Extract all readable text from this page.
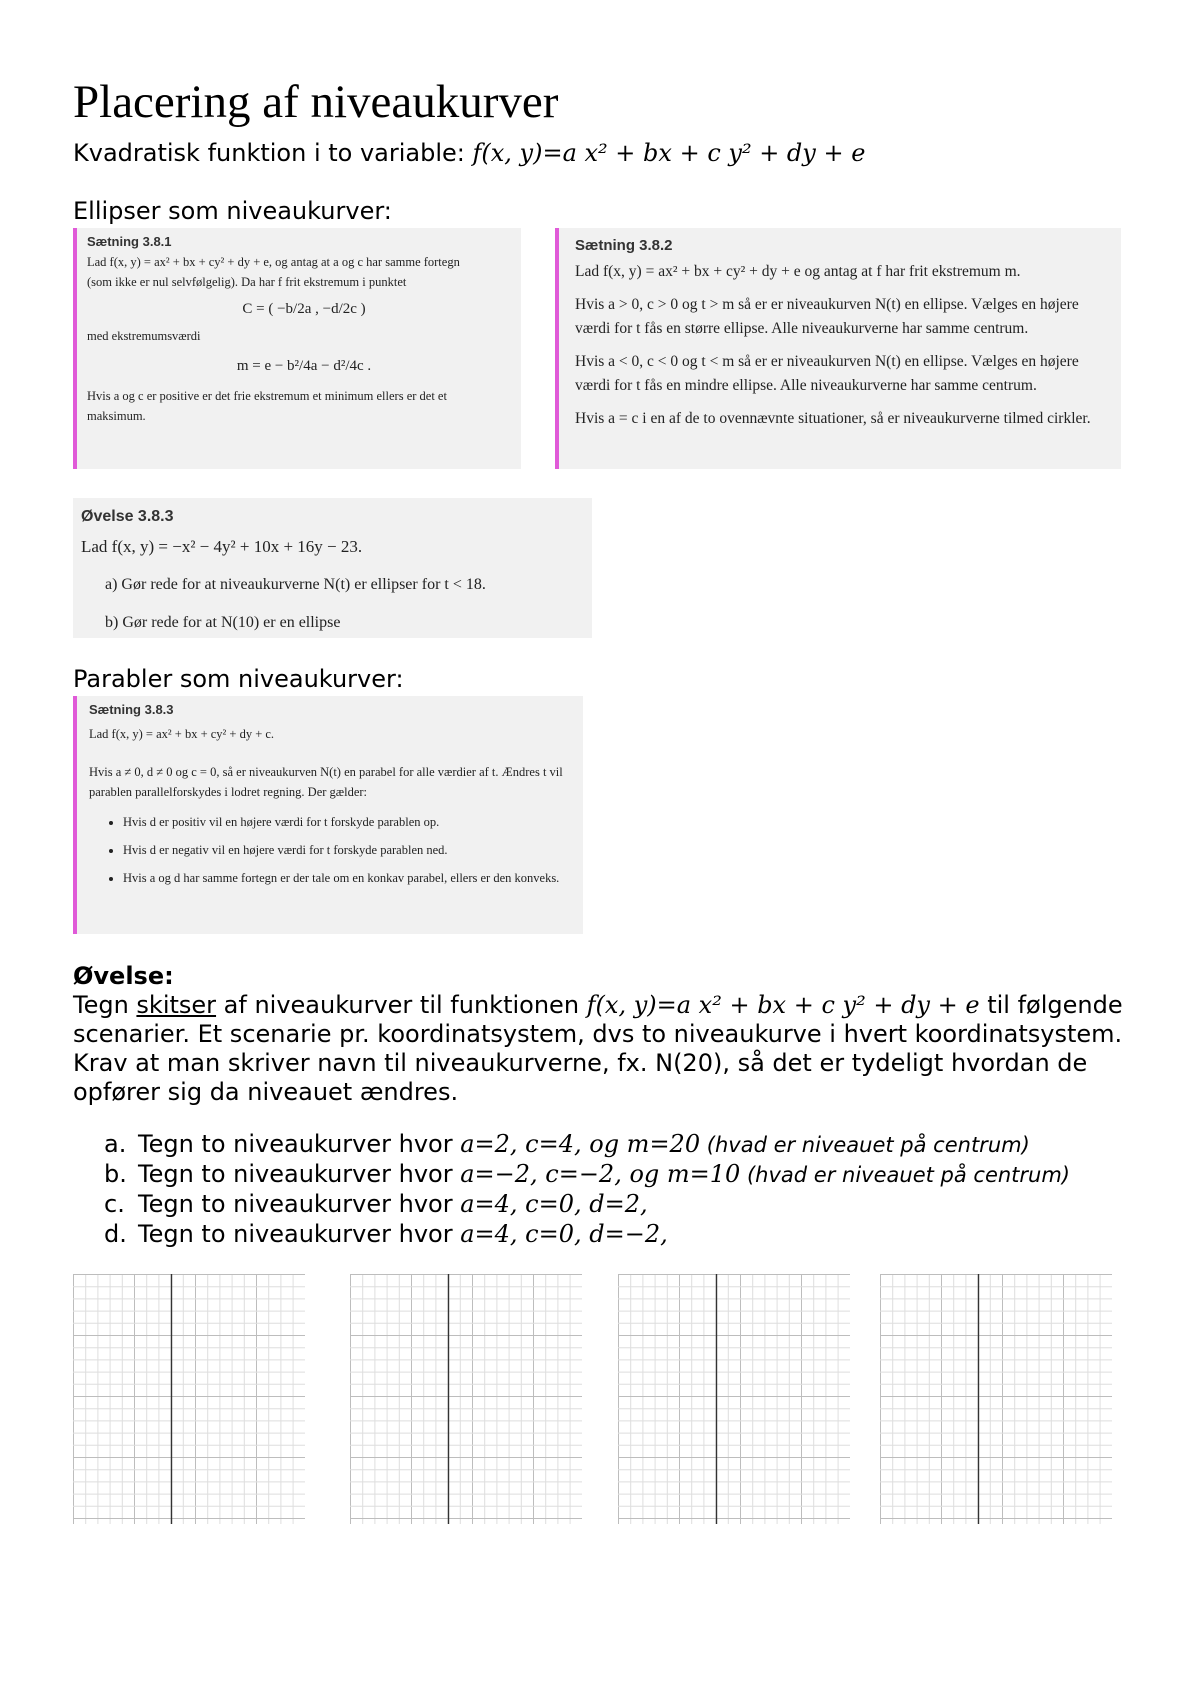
Placering af niveaukurver
Kvadratisk funktion i to variable: f(x, y)=a x² + bx + c y² + dy + e
Ellipser som niveaukurver:
Sætning 3.8.1

Lad f(x, y) = ax² + bx + cy² + dy + e, og antag at a og c har samme fortegn

(som ikke er nul selvfølgelig). Da har f frit ekstremum i punktet

C = ( −b/2a , −d/2c )

med ekstremumsværdi

m = e − b²/4a − d²/4c .

Hvis a og c er positive er det frie ekstremum et minimum ellers er det et maksimum.

Sætning 3.8.2

Lad f(x, y) = ax² + bx + cy² + dy + e og antag at f har frit ekstremum m.

Hvis a > 0, c > 0 og t > m så er er niveaukurven N(t) en ellipse. Vælges en højere værdi for t fås en større ellipse. Alle niveaukurverne har samme centrum.

Hvis a < 0, c < 0 og t < m så er er niveaukurven N(t) en ellipse. Vælges en højere værdi for t fås en mindre ellipse. Alle niveaukurverne har samme centrum.

Hvis a = c i en af de to ovennævnte situationer, så er niveaukurverne tilmed cirkler.

Øvelse 3.8.3

Lad f(x, y) = −x² − 4y² + 10x + 16y − 23.

a) Gør rede for at niveaukurverne N(t) er ellipser for t < 18.

b) Gør rede for at N(10) er en ellipse

Parabler som niveaukurver:
Sætning 3.8.3

Lad f(x, y) = ax² + bx + cy² + dy + c.

Hvis a ≠ 0, d ≠ 0 og c = 0, så er niveaukurven N(t) en parabel for alle værdier af t. Ændres t vil parablen parallelforskydes i lodret regning. Der gælder:

• Hvis d er positiv vil en højere værdi for t forskyde parablen op.
• Hvis d er negativ vil en højere værdi for t forskyde parablen ned.
• Hvis a og d har samme fortegn er der tale om en konkav parabel, ellers er den konveks.
Øvelse:
Tegn skitser af niveaukurver til funktionen f(x, y)=a x² + bx + c y² + dy + e til følgende scenarier. Et scenarie pr. koordinatsystem, dvs to niveaukurve i hvert koordinatsystem. Krav at man skriver navn til niveaukurverne, fx. N(20), så det er tydeligt hvordan de opfører sig da niveauet ændres.
a. Tegn to niveaukurver hvor a=2, c=4, og m=20 (hvad er niveauet på centrum)
b. Tegn to niveaukurver hvor a=−2, c=−2, og m=10 (hvad er niveauet på centrum)
c. Tegn to niveaukurver hvor a=4, c=0, d=2,
d. Tegn to niveaukurver hvor a=4, c=0, d=−2,
